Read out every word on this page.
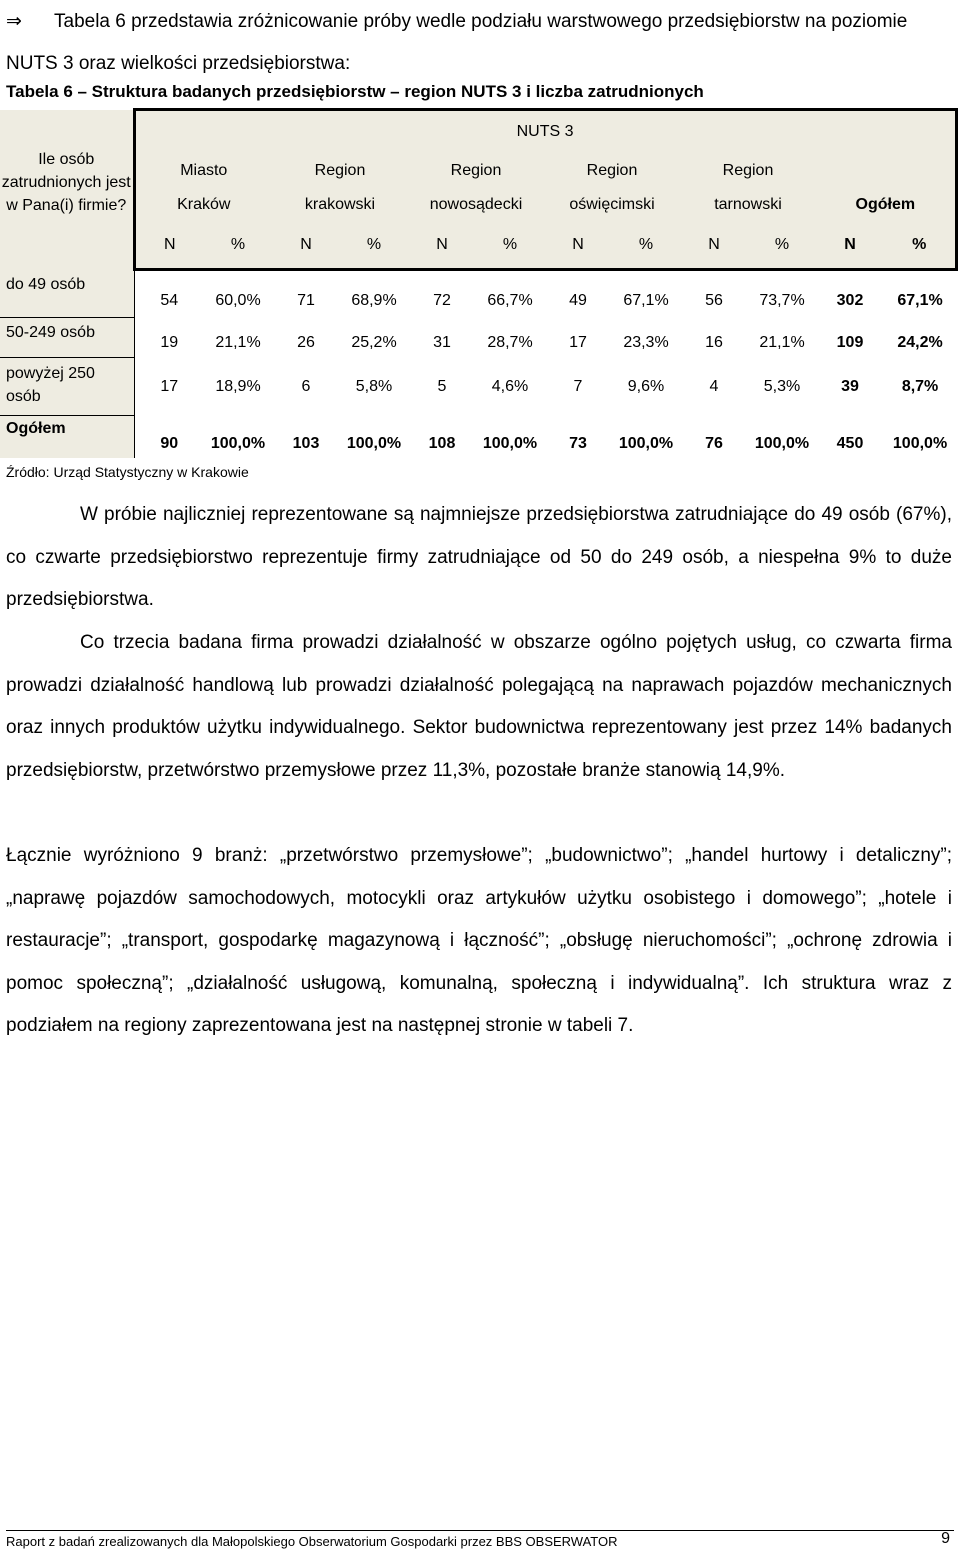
⇒ Tabela 6 przedstawia zróżnicowanie próby wedle podziału warstwowego przedsiębiorstw na poziomie NUTS 3 oraz wielkości przedsiębiorstwa:
Tabela 6 – Struktura badanych przedsiębiorstw – region NUTS 3 i liczba zatrudnionych
Ile osób zatrudnionych jest w Pana(i) firmie?	NUTS 3											
	Miasto		Region		Region		Region		Region			
	Kraków		krakowski		nowosądecki		oświęcimski		tarnowski		Ogółem	
	N	%	N	%	N	%	N	%	N	%	N	%
do 49 osób	54	60,0%	71	68,9%	72	66,7%	49	67,1%	56	73,7%	302	67,1%
50-249 osób	19	21,1%	26	25,2%	31	28,7%	17	23,3%	16	21,1%	109	24,2%
powyżej 250 osób	17	18,9%	6	5,8%	5	4,6%	7	9,6%	4	5,3%	39	8,7%
Ogółem	90	100,0%	103	100,0%	108	100,0%	73	100,0%	76	100,0%	450	100,0%
Źródło: Urząd Statystyczny w Krakowie

W próbie najliczniej reprezentowane są najmniejsze przedsiębiorstwa zatrudniające do 49 osób (67%), co czwarte przedsiębiorstwo reprezentuje firmy zatrudniające od 50 do 249 osób, a niespełna 9% to duże przedsiębiorstwa.

Co trzecia badana firma prowadzi działalność w obszarze ogólno pojętych usług, co czwarta firma prowadzi działalność handlową lub prowadzi działalność polegającą na naprawach pojazdów mechanicznych oraz innych produktów użytku indywidualnego. Sektor budownictwa reprezentowany jest przez 14% badanych przedsiębiorstw, przetwórstwo przemysłowe przez 11,3%, pozostałe branże stanowią 14,9%.

Łącznie wyróżniono 9 branż: „przetwórstwo przemysłowe”; „budownictwo”; „handel hurtowy i detaliczny”; „naprawę pojazdów samochodowych, motocykli oraz artykułów użytku osobistego i domowego”; „hotele i restauracje”; „transport, gospodarkę magazynową i łączność”; „obsługę nieruchomości”; „ochronę zdrowia i pomoc społeczną”; „działalność usługową, komunalną, społeczną i indywidualną”. Ich struktura wraz z podziałem na regiony zaprezentowana jest na następnej stronie w tabeli 7.

Raport z badań zrealizowanych dla Małopolskiego Obserwatorium Gospodarki przez BBS OBSERWATOR	9
